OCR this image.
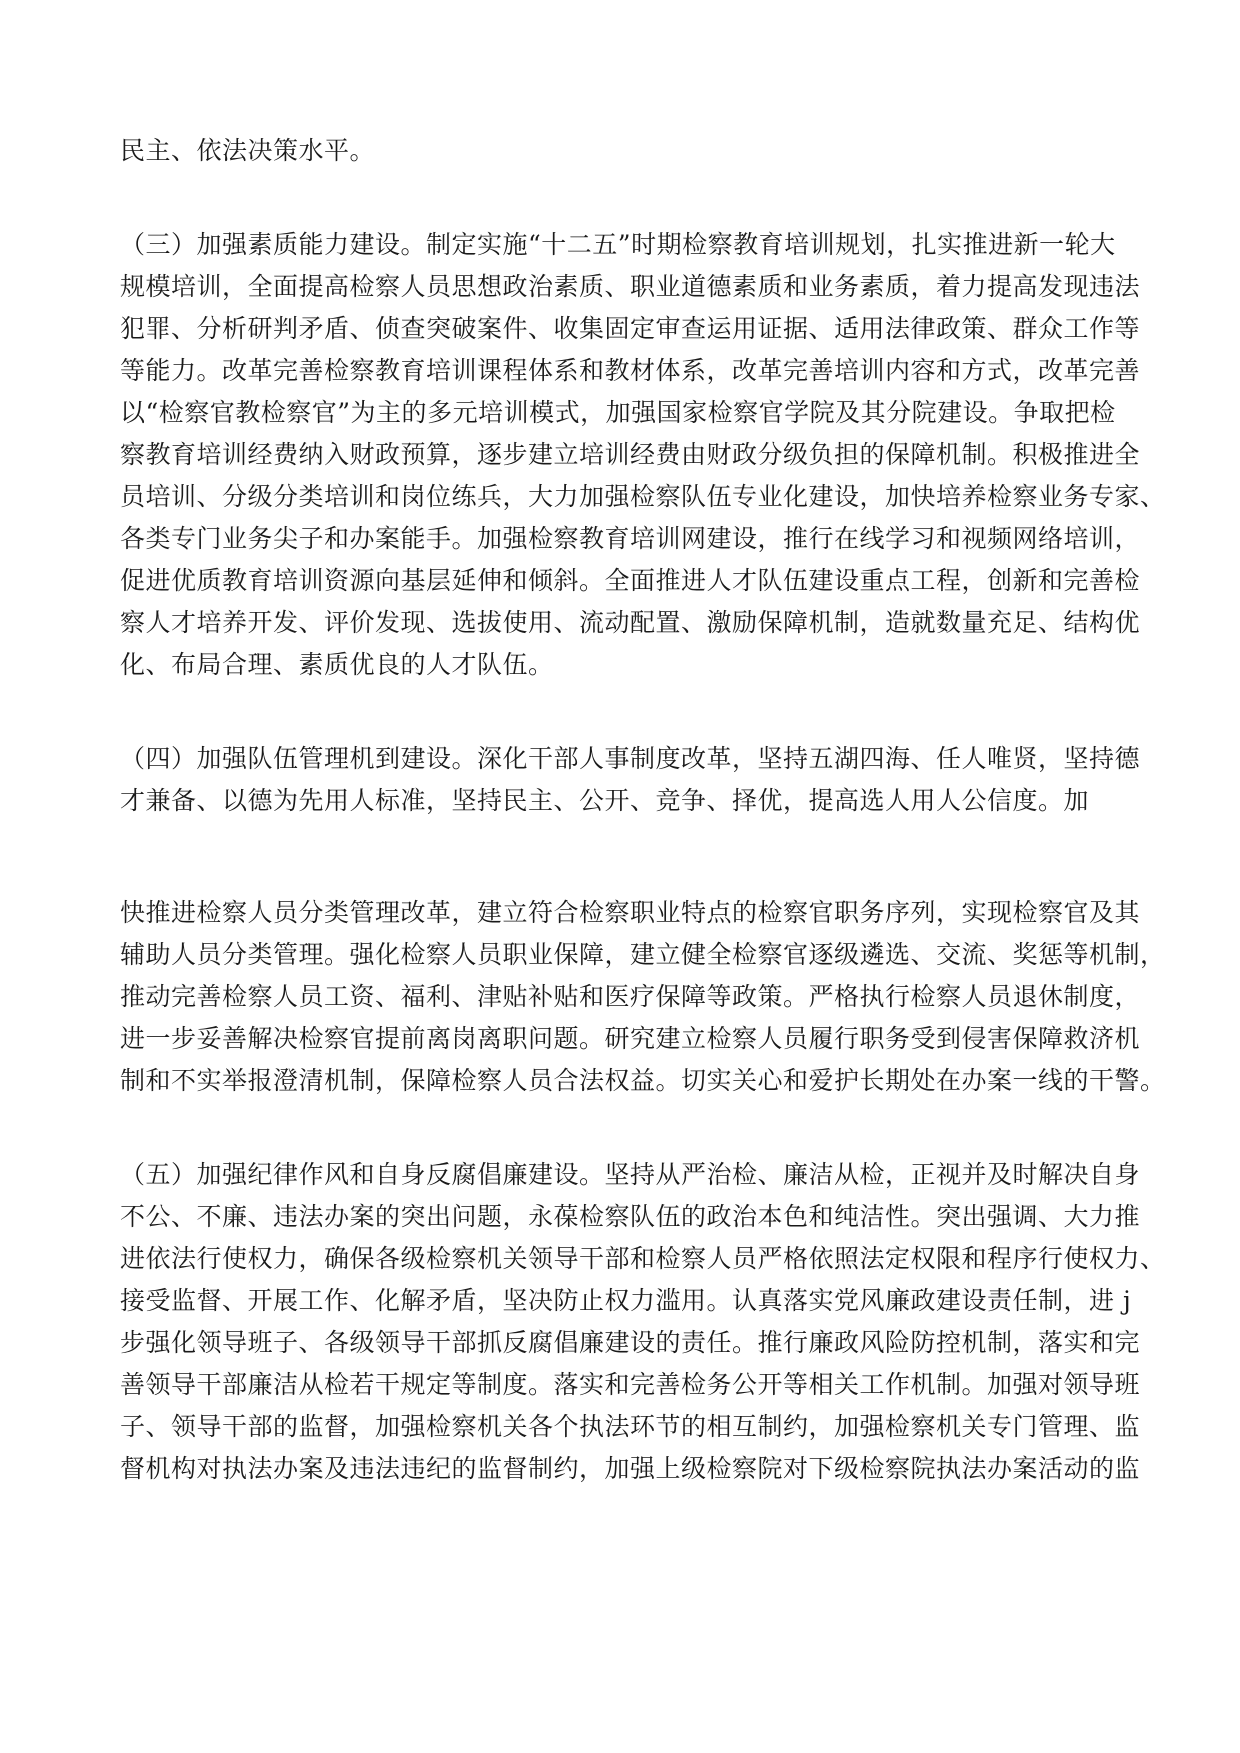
民主、依法决策水平。
（三）加强素质能力建设。制定实施“十二五”时期检察教育培训规划，扎实推进新一轮大
规模培训，全面提高检察人员思想政治素质、职业道德素质和业务素质，着力提高发现违法
犯罪、分析研判矛盾、侦查突破案件、收集固定审查运用证据、适用法律政策、群众工作等
等能力。改革完善检察教育培训课程体系和教材体系，改革完善培训内容和方式，改革完善
以“检察官教检察官”为主的多元培训模式，加强国家检察官学院及其分院建设。争取把检
察教育培训经费纳入财政预算，逐步建立培训经费由财政分级负担的保障机制。积极推进全
员培训、分级分类培训和岗位练兵，大力加强检察队伍专业化建设，加快培养检察业务专家、
各类专门业务尖子和办案能手。加强检察教育培训网建设，推行在线学习和视频网络培训，
促进优质教育培训资源向基层延伸和倾斜。全面推进人才队伍建设重点工程，创新和完善检
察人才培养开发、评价发现、选拔使用、流动配置、激励保障机制，造就数量充足、结构优
化、布局合理、素质优良的人才队伍。
（四）加强队伍管理机到建设。深化干部人事制度改革，坚持五湖四海、任人唯贤，坚持德
才兼备、以德为先用人标准，坚持民主、公开、竞争、择优，提高选人用人公信度。加
快推进检察人员分类管理改革，建立符合检察职业特点的检察官职务序列，实现检察官及其
辅助人员分类管理。强化检察人员职业保障，建立健全检察官逐级遴选、交流、奖惩等机制，
推动完善检察人员工资、福利、津贴补贴和医疗保障等政策。严格执行检察人员退休制度，
进一步妥善解决检察官提前离岗离职问题。研究建立检察人员履行职务受到侵害保障救济机
制和不实举报澄清机制，保障检察人员合法权益。切实关心和爱护长期处在办案一线的干警。
（五）加强纪律作风和自身反腐倡廉建设。坚持从严治检、廉洁从检，正视并及时解决自身
不公、不廉、违法办案的突出问题，永葆检察队伍的政治本色和纯洁性。突出强调、大力推
进依法行使权力，确保各级检察机关领导干部和检察人员严格依照法定权限和程序行使权力、
接受监督、开展工作、化解矛盾，坚决防止权力滥用。认真落实党风廉政建设责任制，进 j
步强化领导班子、各级领导干部抓反腐倡廉建设的责任。推行廉政风险防控机制，落实和完
善领导干部廉洁从检若干规定等制度。落实和完善检务公开等相关工作机制。加强对领导班
子、领导干部的监督，加强检察机关各个执法环节的相互制约，加强检察机关专门管理、监
督机构对执法办案及违法违纪的监督制约，加强上级检察院对下级检察院执法办案活动的监
